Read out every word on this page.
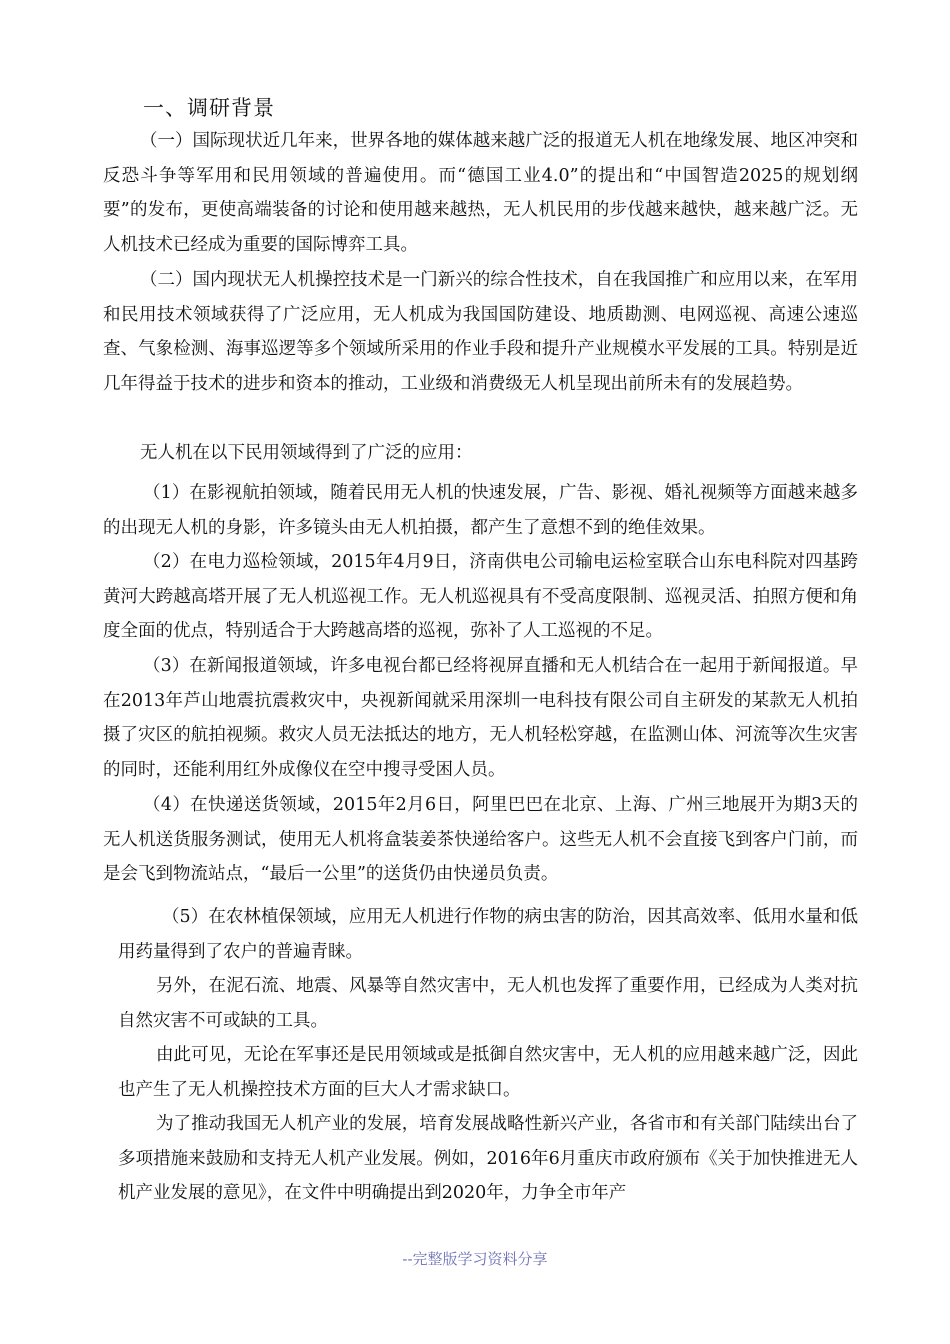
一、调研背景
（一）国际现状近几年来，世界各地的媒体越来越广泛的报道无人机在地缘发展、地区冲突和反恐斗争等军用和民用领域的普遍使用。而“德国工业4.0”的提出和“中国智造2025的规划纲要”的发布，更使高端装备的讨论和使用越来越热，无人机民用的步伐越来越快，越来越广泛。无人机技术已经成为重要的国际博弈工具。
（二）国内现状无人机操控技术是一门新兴的综合性技术，自在我国推广和应用以来，在军用和民用技术领域获得了广泛应用，无人机成为我国国防建设、地质勘测、电网巡视、高速公速巡查、气象检测、海事巡逻等多个领域所采用的作业手段和提升产业规模水平发展的工具。特别是近几年得益于技术的进步和资本的推动，工业级和消费级无人机呈现出前所未有的发展趋势。
无人机在以下民用领域得到了广泛的应用：
（1）在影视航拍领域，随着民用无人机的快速发展，广告、影视、婚礼视频等方面越来越多的出现无人机的身影，许多镜头由无人机拍摄，都产生了意想不到的绝佳效果。
（2）在电力巡检领域，2015年4月9日，济南供电公司输电运检室联合山东电科院对四基跨黄河大跨越高塔开展了无人机巡视工作。无人机巡视具有不受高度限制、巡视灵活、拍照方便和角度全面的优点，特别适合于大跨越高塔的巡视，弥补了人工巡视的不足。
（3）在新闻报道领域，许多电视台都已经将视屏直播和无人机结合在一起用于新闻报道。早在2013年芦山地震抗震救灾中，央视新闻就采用深圳一电科技有限公司自主研发的某款无人机拍摄了灾区的航拍视频。救灾人员无法抵达的地方，无人机轻松穿越，在监测山体、河流等次生灾害的同时，还能利用红外成像仪在空中搜寻受困人员。
（4）在快递送货领域，2015年2月6日，阿里巴巴在北京、上海、广州三地展开为期3天的无人机送货服务测试，使用无人机将盒装姜茶快递给客户。这些无人机不会直接飞到客户门前，而是会飞到物流站点，“最后一公里”的送货仍由快递员负责。
（5）在农林植保领域，应用无人机进行作物的病虫害的防治，因其高效率、低用水量和低用药量得到了农户的普遍青睐。
另外，在泥石流、地震、风暴等自然灾害中，无人机也发挥了重要作用，已经成为人类对抗自然灾害不可或缺的工具。
由此可见，无论在军事还是民用领域或是抵御自然灾害中，无人机的应用越来越广泛，因此也产生了无人机操控技术方面的巨大人才需求缺口。
为了推动我国无人机产业的发展，培育发展战略性新兴产业，各省市和有关部门陆续出台了多项措施来鼓励和支持无人机产业发展。例如，2016年6月重庆市政府颁布《关于加快推进无人机产业发展的意见》，在文件中明确提出到2020年，力争全市年产
--完整版学习资料分享
